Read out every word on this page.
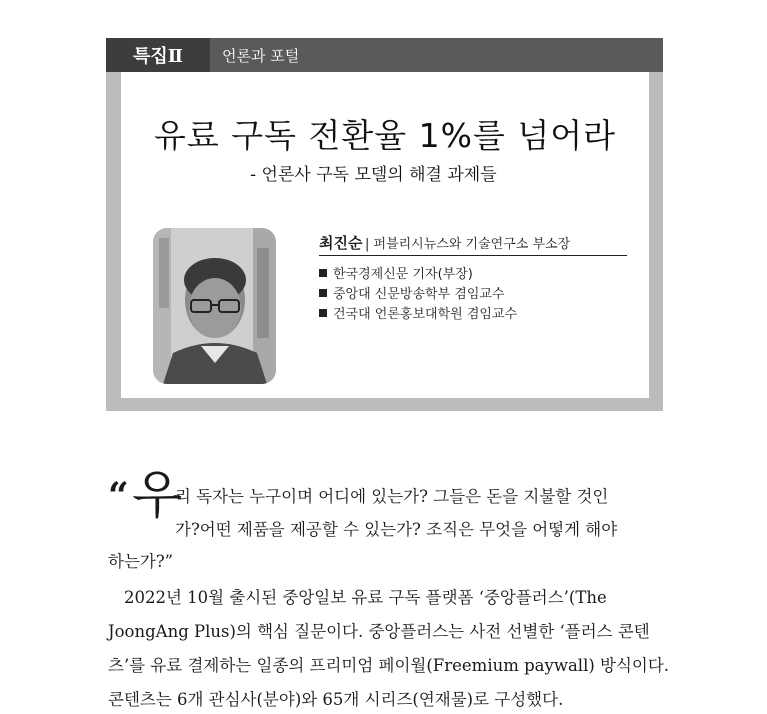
특집Ⅱ	언론과 포털
유료 구독 전환율 1%를 넘어라
- 언론사 구독 모델의 해결 과제들
최진순 | 퍼블리시뉴스와 기술연구소 부소장
한국경제신문 기자(부장)
중앙대 신문방송학부 겸임교수
건국대 언론홍보대학원 겸임교수
“ 우
리 독자는 누구이며 어디에 있는가? 그들은 돈을 지불할 것인
가?어떤 제품을 제공할 수 있는가? 조직은 무엇을 어떻게 해야
하는가?”
2022년 10월 출시된 중앙일보 유료 구독 플랫폼 ‘중앙플러스’(The
JoongAng Plus)의 핵심 질문이다. 중앙플러스는 사전 선별한 ‘플러스 콘텐
츠’를 유료 결제하는 일종의 프리미엄 페이월(Freemium paywall) 방식이다.
콘텐츠는 6개 관심사(분야)와 65개 시리즈(연재물)로 구성했다.
